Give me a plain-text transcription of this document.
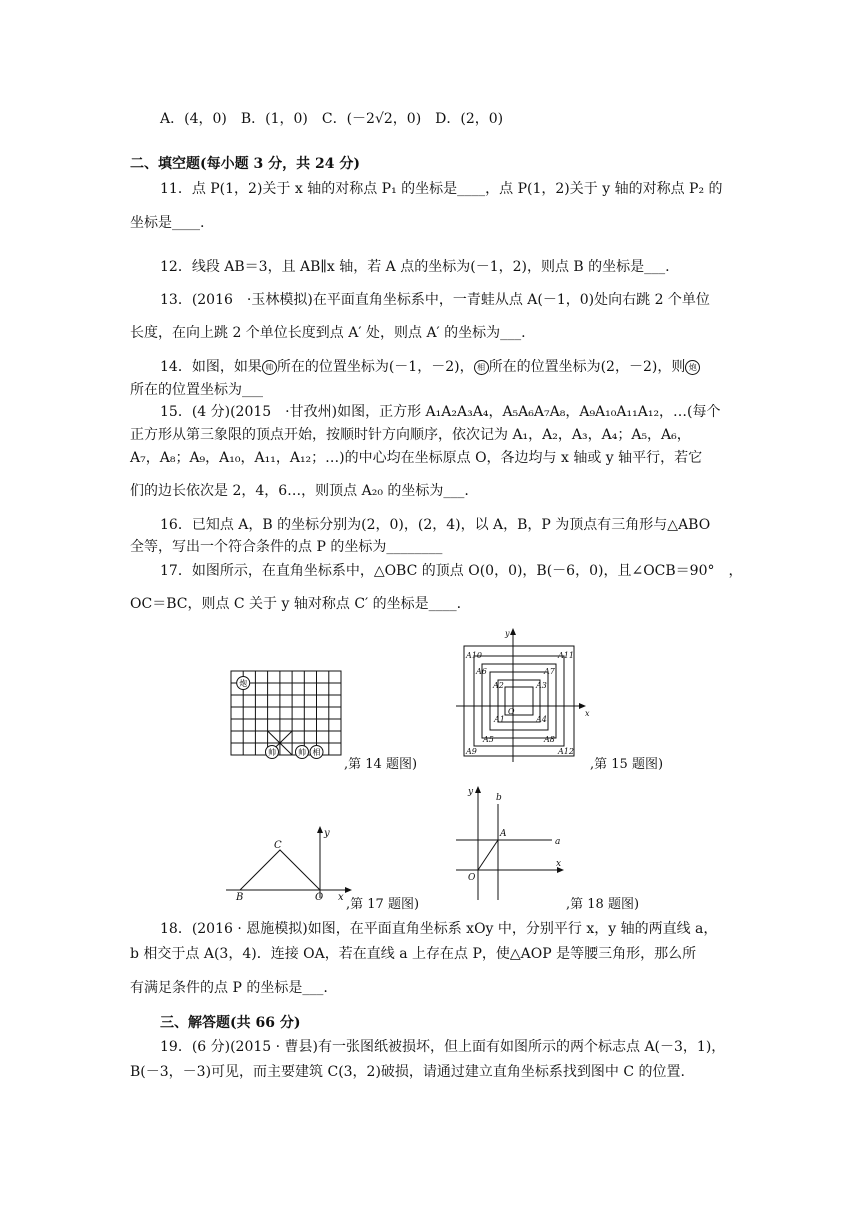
A．(4，0)　B．(1，0)　C．(－2√2，0)　D．(2，0)
二、填空题(每小题 3 分，共 24 分)
11．点 P(1，2)关于 x 轴的对称点 P₁ 的坐标是____，点 P(1，2)关于 y 轴的对称点 P₂ 的
坐标是____.
12．线段 AB＝3，且 AB∥x 轴，若 A 点的坐标为(－1，2)，则点 B 的坐标是___.
13．(2016　·玉林模拟)在平面直角坐标系中，一青蛙从点 A(－1，0)处向右跳 2 个单位
长度，在向上跳 2 个单位长度到点 A′ 处，则点 A′ 的坐标为___.
14．如图，如果 帅 所在的位置坐标为(－1，－2)， 相 所在的位置坐标为(2，－2)，则 炮
所在的位置坐标为___
15．(4 分)(2015　·甘孜州)如图，正方形 A₁A₂A₃A₄，A₅A₆A₇A₈，A₉A₁₀A₁₁A₁₂，…(每个
正方形从第三象限的顶点开始，按顺时针方向顺序，依次记为 A₁，A₂，A₃，A₄；A₅，A₆，
A₇，A₈；A₉，A₁₀，A₁₁，A₁₂；…)的中心均在坐标原点 O，各边均与 x 轴或 y 轴平行，若它
们的边长依次是 2，4，6…，则顶点 A₂₀ 的坐标为___.
16．已知点 A，B 的坐标分别为(2，0)，(2，4)，以 A，B，P 为顶点有三角形与△ABO
全等，写出一个符合条件的点 P 的坐标为________
17．如图所示，在直角坐标系中，△OBC 的顶点 O(0，0)，B(－6，0)，且∠OCB＝90°　，
OC＝BC，则点 C 关于 y 轴对称点 C′ 的坐标是____.
炮
帅	帅 相
,第 14 题图)
y
x
O
A1
A2	A3
A4
A5
A6	A7
A8
A9
A10	A11
A12
,第 15 题图)
C
B	O x
y
,第 17 题图)
y
b
A
a
O
x
,第 18 题图)
18．(2016 · 恩施模拟)如图，在平面直角坐标系 xOy 中，分别平行 x，y 轴的两直线 a，
b 相交于点 A(3，4)．连接 OA，若在直线 a 上存在点 P，使△AOP 是等腰三角形，那么所
有满足条件的点 P 的坐标是___.
三、解答题(共 66 分)
19．(6 分)(2015 · 曹县)有一张图纸被损坏，但上面有如图所示的两个标志点 A(－3，1)，
B(－3，－3)可见，而主要建筑 C(3，2)破损，请通过建立直角坐标系找到图中 C 的位置.
